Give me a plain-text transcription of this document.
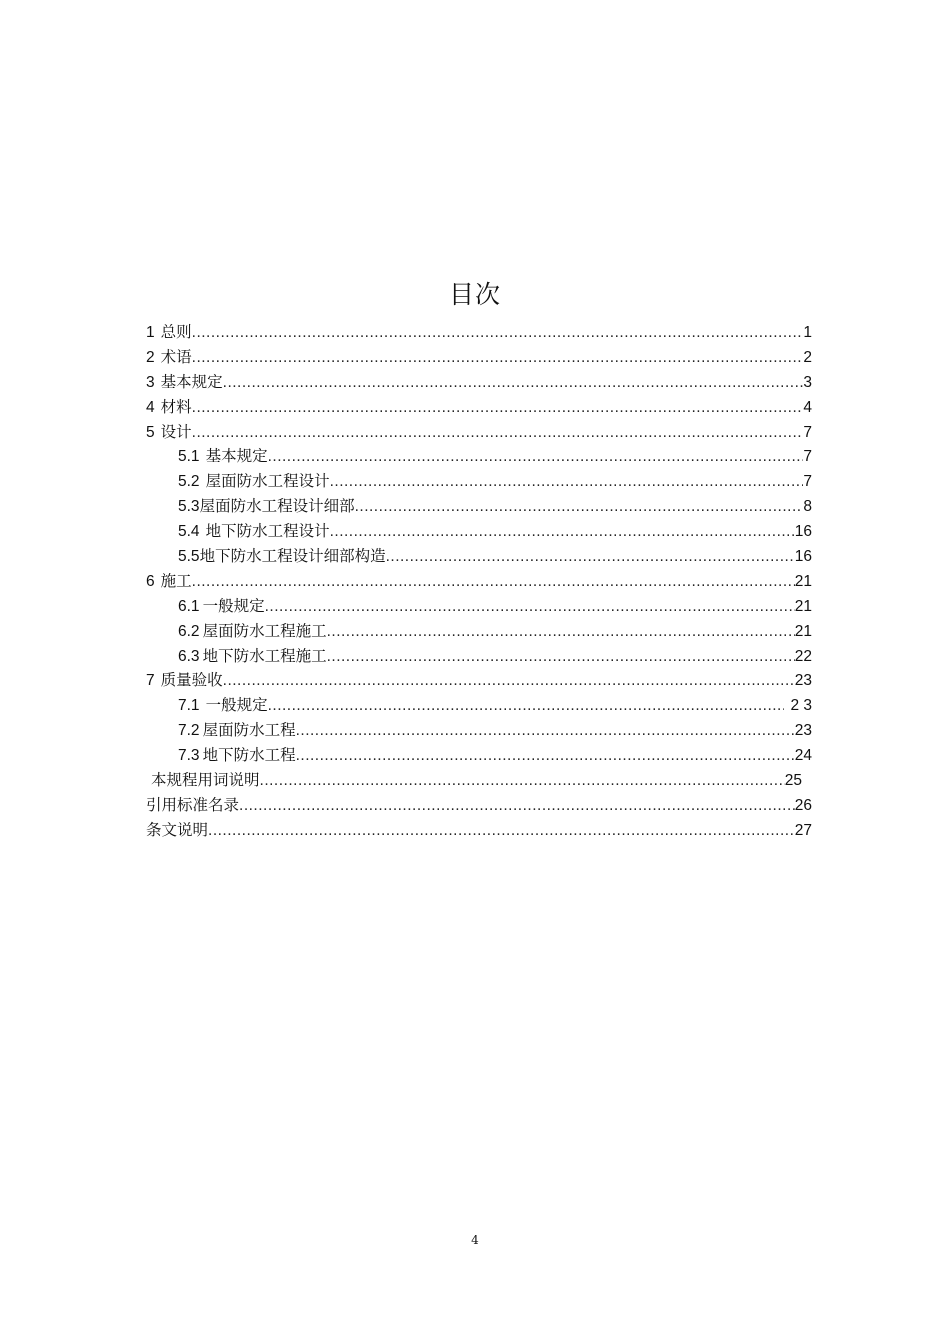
目次
1 总则 .....	1
2 术语 .....	2
3 基本规定 .....	3
4 材料 .....	4
5 设计 .....	7
5.1 基本规定 .....	7
5.2 屋面防水工程设计 .....	7
5.3 屋面防水工程设计细部 .....	8
5.4 地下防水工程设计 .....	16
5.5 地下防水工程设计细部构造 .....	16
6 施工 .....	21
6.1 一般规定 .....	21
6.2 屋面防水工程施工 .....	21
6.3 地下防水工程施工 .....	22
7 质量验收 .....	23
7.1 一般规定 .....	2 3
7.2 屋面防水工程 .....	23
7.3 地下防水工程 .....	24
本规程用词说明 .....	25
引用标准名录 .....	26
条文说明 .....	27
4
